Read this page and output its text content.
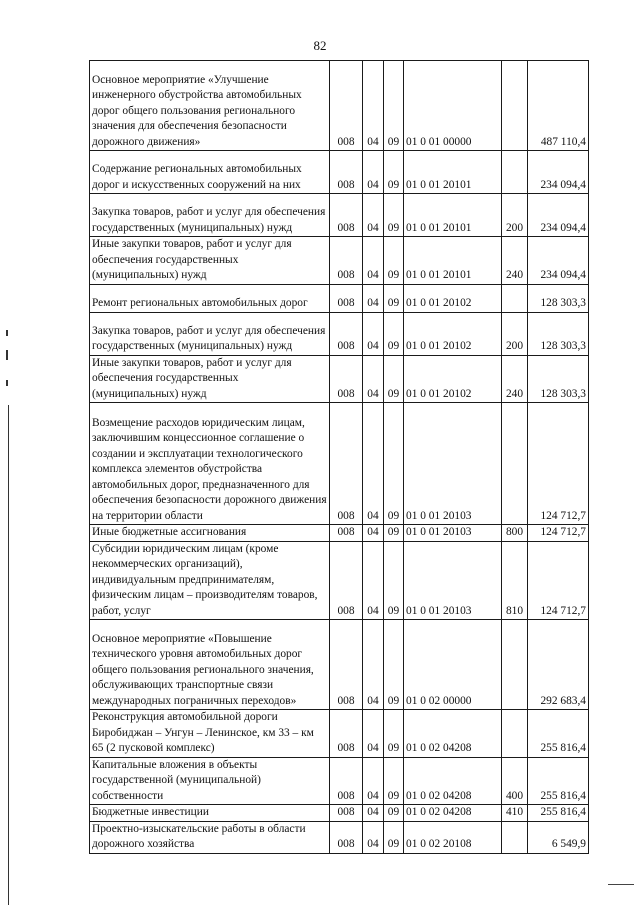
82
Основное мероприятие «Улучшение инженерного обустройства автомобильных дорог общего пользования регионального значения для обеспечения безопасности дорожного движения»	008	04	09	01 0 01 00000		487 110,4
Содержание региональных автомобильных дорог и искусственных сооружений на них	008	04	09	01 0 01 20101		234 094,4
Закупка товаров, работ и услуг для обеспечения государственных (муниципальных) нужд	008	04	09	01 0 01 20101	200	234 094,4
Иные закупки товаров, работ и услуг для обеспечения государственных (муниципальных) нужд	008	04	09	01 0 01 20101	240	234 094,4
Ремонт региональных автомобильных дорог	008	04	09	01 0 01 20102		128 303,3
Закупка товаров, работ и услуг для обеспечения государственных (муниципальных) нужд	008	04	09	01 0 01 20102	200	128 303,3
Иные закупки товаров, работ и услуг для обеспечения государственных (муниципальных) нужд	008	04	09	01 0 01 20102	240	128 303,3
Возмещение расходов юридическим лицам, заключившим концессионное соглашение о создании и эксплуатации технологического комплекса элементов обустройства автомобильных дорог, предназначенного для обеспечения безопасности дорожного движения на территории области	008	04	09	01 0 01 20103		124 712,7
Иные бюджетные ассигнования	008	04	09	01 0 01 20103	800	124 712,7
Субсидии юридическим лицам (кроме некоммерческих организаций), индивидуальным предпринимателям, физическим лицам – производителям товаров, работ, услуг	008	04	09	01 0 01 20103	810	124 712,7
Основное мероприятие «Повышение технического уровня автомобильных дорог общего пользования регионального значения, обслуживающих транспортные связи международных пограничных переходов»	008	04	09	01 0 02 00000		292 683,4
Реконструкция автомобильной дороги Биробиджан – Унгун – Ленинское, км 33 – км 65 (2 пусковой комплекс)	008	04	09	01 0 02 04208		255 816,4
Капитальные вложения в объекты государственной (муниципальной) собственности	008	04	09	01 0 02 04208	400	255 816,4
Бюджетные инвестиции	008	04	09	01 0 02 04208	410	255 816,4
Проектно-изыскательские работы в области дорожного хозяйства	008	04	09	01 0 02 20108		6 549,9
